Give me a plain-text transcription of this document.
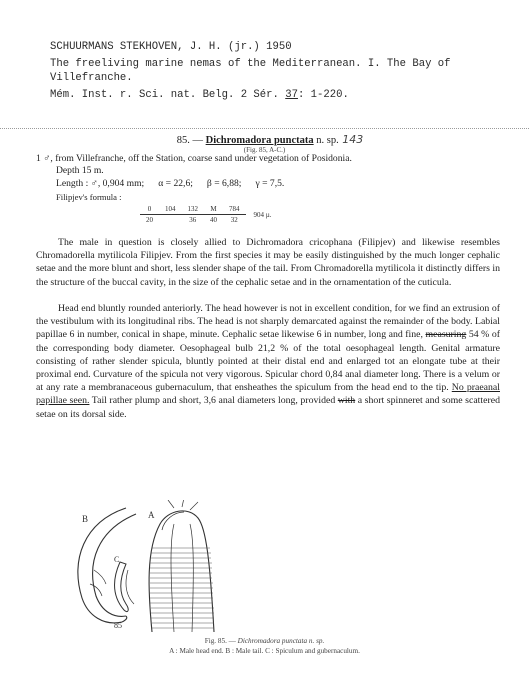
SCHUURMANS STEKHOVEN, J. H. (jr.) 1950
The freeliving marine nemas of the Mediterranean. I. The Bay of
Villefranche.
Mém. Inst. r. Sci. nat. Belg. 2 Sér. 37: 1-220.
85. — Dichromadora punctata n. sp. 143
(Fig. 85, A-C.)
1 ♂, from Villefranche, off the Station, coarse sand under vegetation of Posidonia.
Depth 15 m.
Length : ♂, 0,904 mm; α = 22,6; β = 6,88; γ = 7,5.
Filipjev's formula :
0	104	132	M	784	904 µ.
20		36	40	32	
The male in question is closely allied to Dichromadora cricophana (Filipjev) and likewise resembles Chromadorella mytilicola Filipjev. From the first species it may be easily distinguished by the much longer cephalic setae and the more blunt and short, less slender shape of the tail. From Chromadorella mytilicola it distinctly differs in the structure of the buccal cavity, in the size of the cephalic setae and in the ornamentation of the cuticula.
Head end bluntly rounded anteriorly. The head however is not in excellent condition, for we find an extrusion of the vestibulum with its longitudinal ribs. The head is not sharply demarcated against the remainder of the body. Labial papillae 6 in number, conical in shape, minute. Cephalic setae likewise 6 in number, long and fine, measuring 54 % of the corresponding body diameter. Oesophageal bulb 21,2 % of the total oesophageal length. Genital armature consisting of rather slender spicula, bluntly pointed at their distal end and enlarged tot an elongate tube at their proximal end. Curvature of the spicula not very vigorous. Spicular chord 0,84 anal diameter long. There is a velum or at any rate a membranaceous gubernaculum, that ensheathes the spiculum from the head end to the tip. No praeanal papillae seen. Tail rather plump and short, 3,6 anal diameters long, provided with a short spinneret and some scattered setae on its dorsal side.
B	A
C
85
Fig. 85. — Dichromadora punctata n. sp.
A : Male head end. B : Male tail. C : Spiculum and gubernaculum.
